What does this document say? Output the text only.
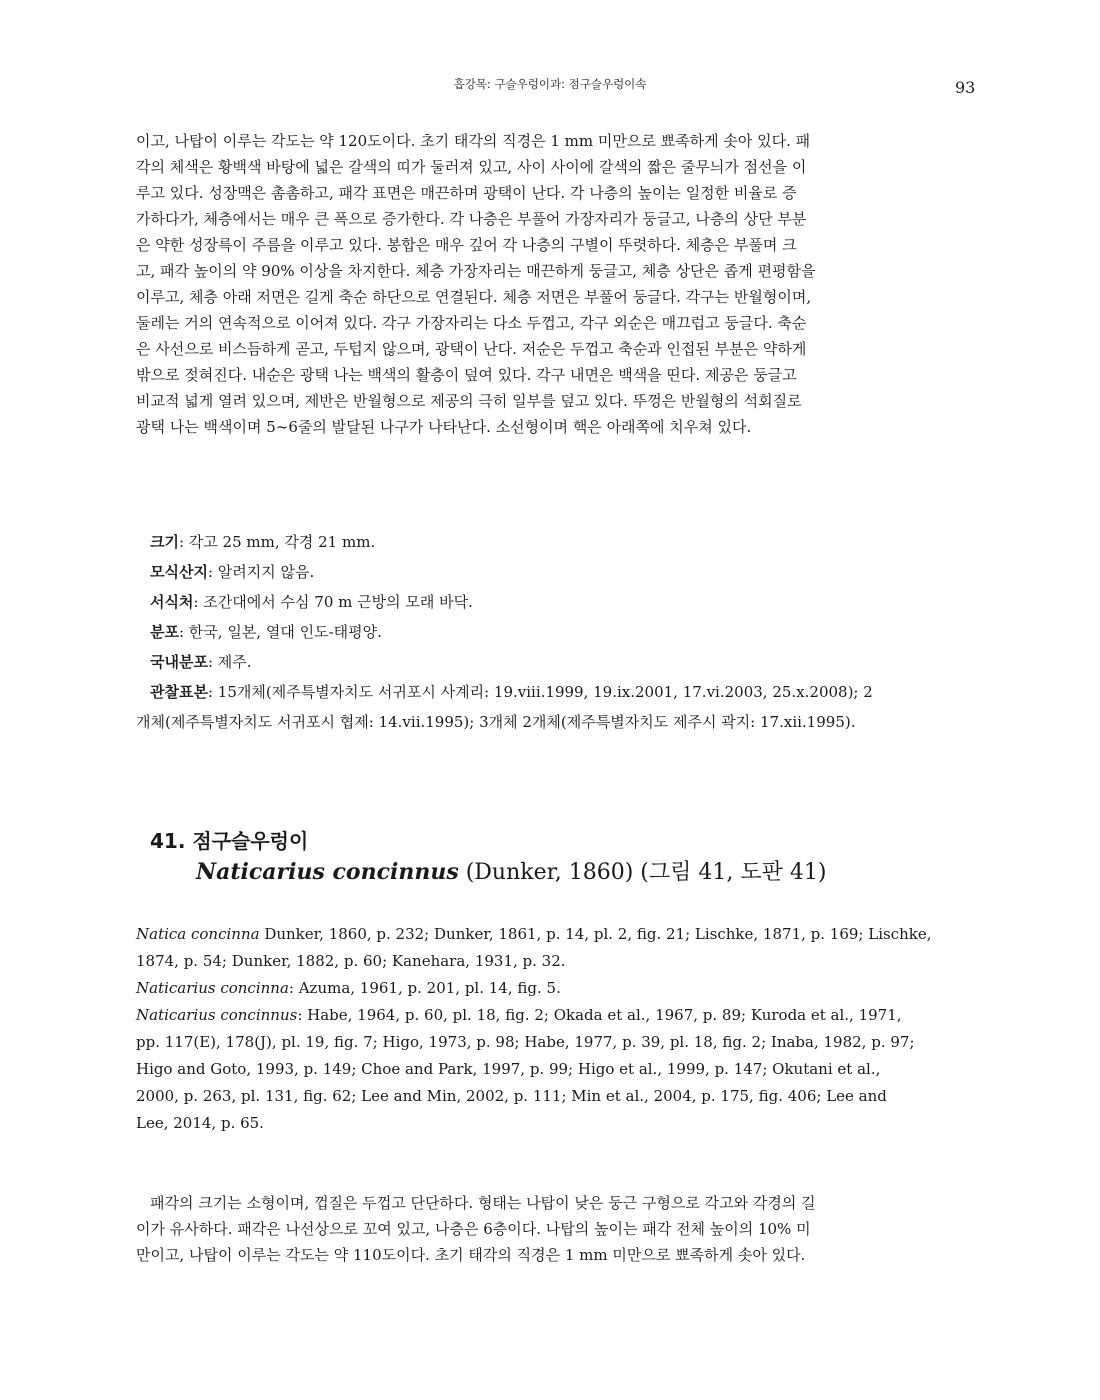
흡강목: 구슬우렁이과: 점구슬우렁이속	93
이고, 나탑이 이루는 각도는 약 120도이다. 초기 태각의 직경은 1 mm 미만으로 뾰족하게 솟아 있다. 패
각의 체색은 황백색 바탕에 넓은 갈색의 띠가 둘러져 있고, 사이 사이에 갈색의 짧은 줄무늬가 점선을 이
루고 있다. 성장맥은 촘촘하고, 패각 표면은 매끈하며 광택이 난다. 각 나층의 높이는 일정한 비율로 증
가하다가, 체층에서는 매우 큰 폭으로 증가한다. 각 나층은 부풀어 가장자리가 둥글고, 나층의 상단 부분
은 약한 성장륵이 주름을 이루고 있다. 봉합은 매우 깊어 각 나층의 구별이 뚜렷하다. 체층은 부풀며 크
고, 패각 높이의 약 90% 이상을 차지한다. 체층 가장자리는 매끈하게 둥글고, 체층 상단은 좁게 편평함을
이루고, 체층 아래 저면은 길게 축순 하단으로 연결된다. 체층 저면은 부풀어 둥글다. 각구는 반월형이며,
둘레는 거의 연속적으로 이어져 있다. 각구 가장자리는 다소 두껍고, 각구 외순은 매끄럽고 둥글다. 축순
은 사선으로 비스듬하게 곧고, 두텁지 않으며, 광택이 난다. 저순은 두껍고 축순과 인접된 부분은 약하게
밖으로 젖혀진다. 내순은 광택 나는 백색의 활층이 덮여 있다. 각구 내면은 백색을 띤다. 제공은 둥글고
비교적 넓게 열려 있으며, 제반은 반월형으로 제공의 극히 일부를 덮고 있다. 뚜껑은 반월형의 석회질로
광택 나는 백색이며 5~6줄의 발달된 나구가 나타난다. 소선형이며 핵은 아래쪽에 치우쳐 있다.
크기: 각고 25 mm, 각경 21 mm.
모식산지: 알려지지 않음.
서식처: 조간대에서 수심 70 m 근방의 모래 바닥.
분포: 한국, 일본, 열대 인도-태평양.
국내분포: 제주.
관찰표본: 15개체(제주특별자치도 서귀포시 사계리: 19.viii.1999, 19.ix.2001, 17.vi.2003, 25.x.2008); 2
개체(제주특별자치도 서귀포시 협제: 14.vii.1995); 3개체 2개체(제주특별자치도 제주시 곽지: 17.xii.1995).
41. 점구슬우렁이
Naticarius concinnus (Dunker, 1860) (그림 41, 도판 41)
Natica concinna Dunker, 1860, p. 232; Dunker, 1861, p. 14, pl. 2, fig. 21; Lischke, 1871, p. 169; Lischke,
1874, p. 54; Dunker, 1882, p. 60; Kanehara, 1931, p. 32.
Naticarius concinna: Azuma, 1961, p. 201, pl. 14, fig. 5.
Naticarius concinnus: Habe, 1964, p. 60, pl. 18, fig. 2; Okada et al., 1967, p. 89; Kuroda et al., 1971,
pp. 117(E), 178(J), pl. 19, fig. 7; Higo, 1973, p. 98; Habe, 1977, p. 39, pl. 18, fig. 2; Inaba, 1982, p. 97;
Higo and Goto, 1993, p. 149; Choe and Park, 1997, p. 99; Higo et al., 1999, p. 147; Okutani et al.,
2000, p. 263, pl. 131, fig. 62; Lee and Min, 2002, p. 111; Min et al., 2004, p. 175, fig. 406; Lee and
Lee, 2014, p. 65.
패각의 크기는 소형이며, 껍질은 두껍고 단단하다. 형태는 나탑이 낮은 둥근 구형으로 각고와 각경의 길
이가 유사하다. 패각은 나선상으로 꼬여 있고, 나층은 6층이다. 나탑의 높이는 패각 전체 높이의 10% 미
만이고, 나탑이 이루는 각도는 약 110도이다. 초기 태각의 직경은 1 mm 미만으로 뾰족하게 솟아 있다.
